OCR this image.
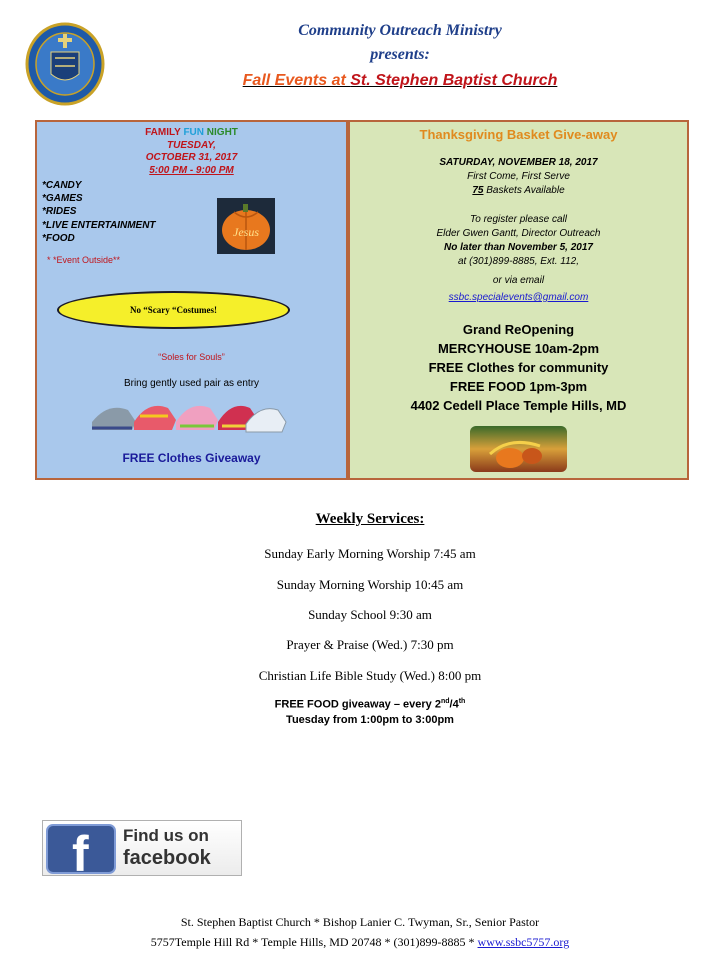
Community Outreach Ministry
presents:
Fall Events at St. Stephen Baptist Church
FAMILY FUN NIGHT
TUESDAY,
OCTOBER 31, 2017
5:00 PM - 9:00 PM
*CANDY
*GAMES
*RIDES
*LIVE ENTERTAINMENT
*FOOD
* *Event Outside**
Jesus
No “Scary “Costumes!
“Soles for Souls”
Bring gently used pair as entry
FREE Clothes Giveaway
Thanksgiving Basket Give-away
SATURDAY, NOVEMBER 18, 2017
First Come, First Serve
75 Baskets Available
To register please call
Elder Gwen Gantt, Director Outreach
No later than November 5, 2017
at (301)899-8885, Ext. 112,
or via email
ssbc.specialevents@gmail.com
Grand ReOpening
MERCYHOUSE 10am-2pm
FREE Clothes for community
FREE FOOD 1pm-3pm
4402 Cedell Place Temple Hills, MD
Weekly Services:
Sunday Early Morning Worship 7:45 am
Sunday Morning Worship 10:45 am
Sunday School 9:30 am
Prayer & Praise (Wed.) 7:30 pm
Christian Life Bible Study (Wed.) 8:00 pm
FREE FOOD giveaway – every 2nd/4th
Tuesday from 1:00pm to 3:00pm
f Find us on
facebook
St. Stephen Baptist Church * Bishop Lanier C. Twyman, Sr., Senior Pastor
5757Temple Hill Rd * Temple Hills, MD 20748 * (301)899-8885 * www.ssbc5757.org
